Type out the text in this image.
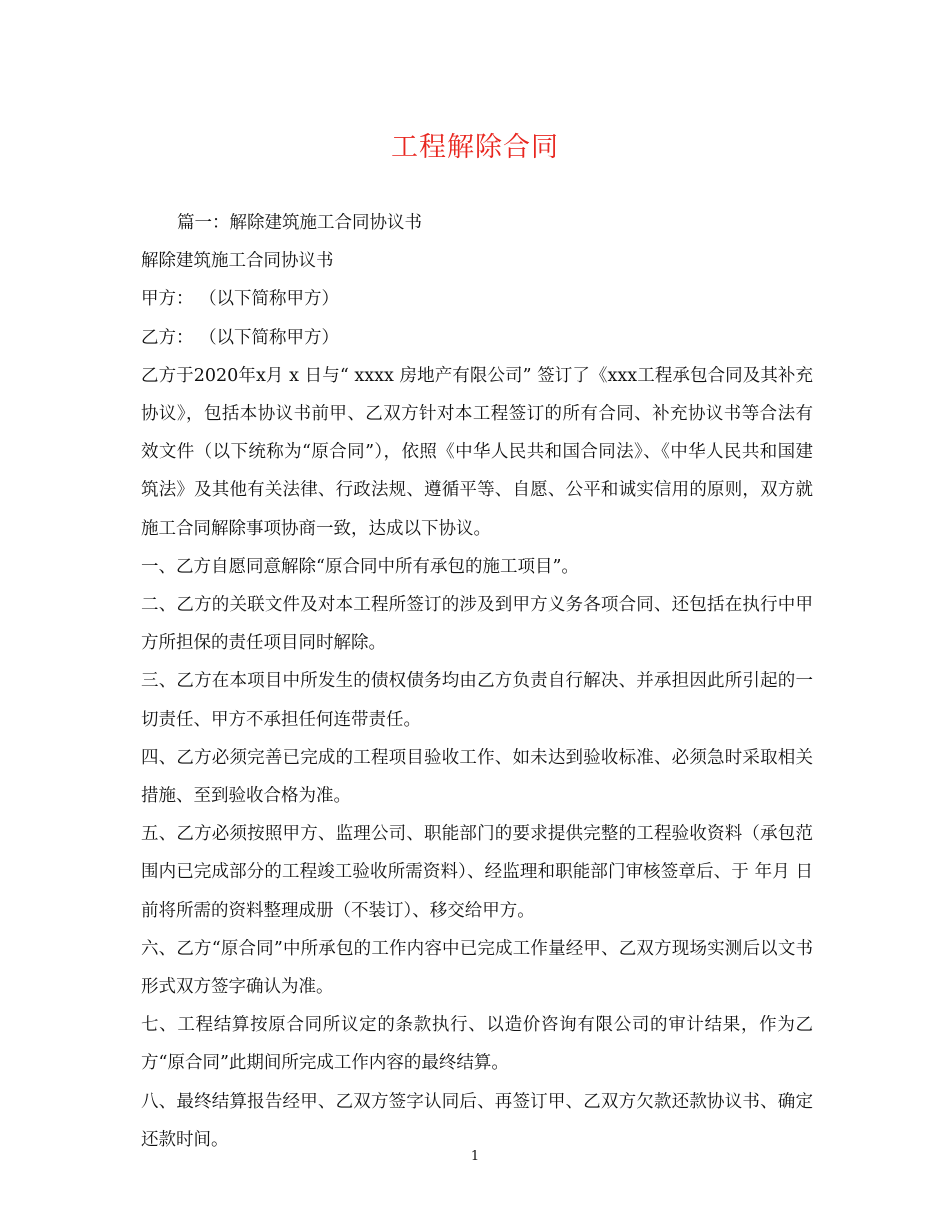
工程解除合同

篇一：解除建筑施工合同协议书

解除建筑施工合同协议书

甲方： （以下简称甲方）

乙方： （以下简称甲方）

乙方于2020年x月 x 日与“ xxxx 房地产有限公司” 签订了《xxx工程承包合同及其补充协议》，包括本协议书前甲、乙双方针对本工程签订的所有合同、补充协议书等合法有效文件（以下统称为“原合同”），依照《中华人民共和国合同法》、《中华人民共和国建筑法》及其他有关法律、行政法规、遵循平等、自愿、公平和诚实信用的原则，双方就施工合同解除事项协商一致，达成以下协议。

一、乙方自愿同意解除“原合同中所有承包的施工项目”。

二、乙方的关联文件及对本工程所签订的涉及到甲方义务各项合同、还包括在执行中甲方所担保的责任项目同时解除。

三、乙方在本项目中所发生的债权债务均由乙方负责自行解决、并承担因此所引起的一切责任、甲方不承担任何连带责任。

四、乙方必须完善已完成的工程项目验收工作、如未达到验收标准、必须急时采取相关措施、至到验收合格为准。

五、乙方必须按照甲方、监理公司、职能部门的要求提供完整的工程验收资料（承包范围内已完成部分的工程竣工验收所需资料）、经监理和职能部门审核签章后、于 年月 日前将所需的资料整理成册（不装订）、移交给甲方。

六、乙方“原合同”中所承包的工作内容中已完成工作量经甲、乙双方现场实测后以文书形式双方签字确认为准。

七、工程结算按原合同所议定的条款执行、以造价咨询有限公司的审计结果，作为乙方“原合同”此期间所完成工作内容的最终结算。

八、最终结算报告经甲、乙双方签字认同后、再签订甲、乙双方欠款还款协议书、确定还款时间。

1
